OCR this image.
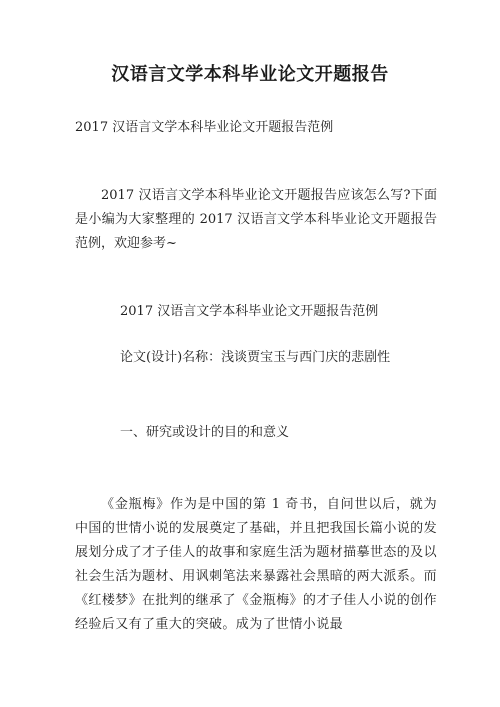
汉语言文学本科毕业论文开题报告
2017 汉语言文学本科毕业论文开题报告范例
2017 汉语言文学本科毕业论文开题报告应该怎么写?下面是小编为大家整理的 2017 汉语言文学本科毕业论文开题报告范例，欢迎参考~
2017 汉语言文学本科毕业论文开题报告范例
论文(设计)名称：浅谈贾宝玉与西门庆的悲剧性
一、研究或设计的目的和意义
《金瓶梅》作为是中国的第 1 奇书，自问世以后，就为中国的世情小说的发展奠定了基础，并且把我国长篇小说的发展划分成了才子佳人的故事和家庭生活为题材描摹世态的及以社会生活为题材、用讽刺笔法来暴露社会黑暗的两大派系。而《红楼梦》在批判的继承了《金瓶梅》的才子佳人小说的创作经验后又有了重大的突破。成为了世情小说最
